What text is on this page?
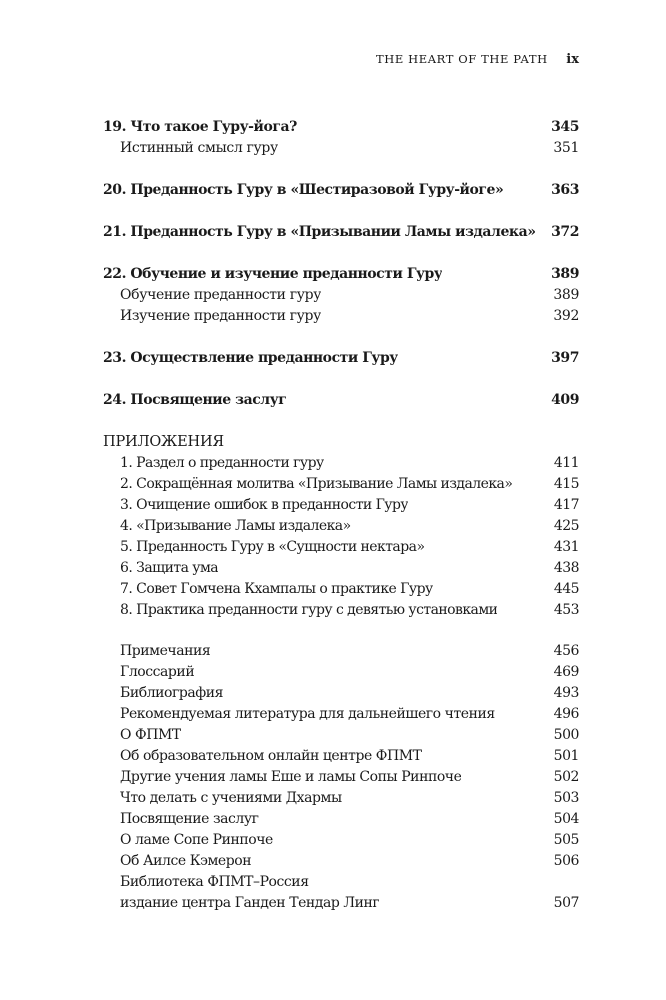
THE HEART OF THE PATH ix
19. Что такое Гуру-йога?	345
Истинный смысл гуру	351
20. Преданность Гуру в «Шестиразовой Гуру-йоге»	363
21. Преданность Гуру в «Призывании Ламы издалека» 372
22. Обучение и изучение преданности Гуру	389
Обучение преданности гуру	389
Изучение преданности гуру	392
23. Осуществление преданности Гуру	397
24. Посвящение заслуг	409
ПРИЛОЖЕНИЯ
1. Раздел о преданности гуру	411
2. Сокращённая молитва «Призывание Ламы издалека»	415
3. Очищение ошибок в преданности Гуру	417
4. «Призывание Ламы издалека»	425
5. Преданность Гуру в «Сущности нектара»	431
6. Защита ума	438
7. Совет Гомчена Кхампалы о практике Гуру	445
8. Практика преданности гуру с девятью установками	453
Примечания	456
Глоссарий	469
Библиография	493
Рекомендуемая литература для дальнейшего чтения	496
О ФПМТ	500
Об образовательном онлайн центре ФПМТ	501
Другие учения ламы Еше и ламы Сопы Ринпоче	502
Что делать с учениями Дхармы	503
Посвящение заслуг	504
О ламе Сопе Ринпоче	505
Об Аилсе Кэмерон	506
Библиотека ФПМТ–Россия
издание центра Ганден Тендар Линг	507
